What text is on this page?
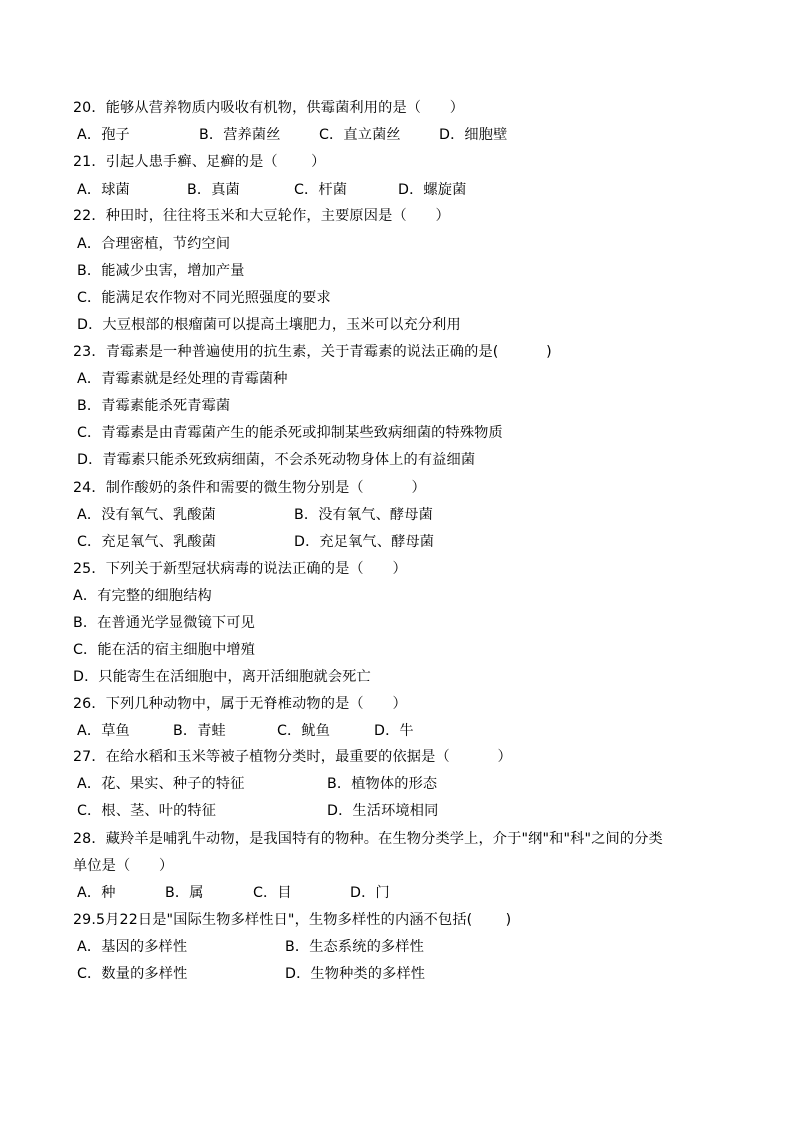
20．能够从营养物质内吸收有机物，供霉菌利用的是（　　）

A．孢子

	B．营养菌丝

	C．直立菌丝

	D．细胞壁

21．引起人患手癣、足癣的是（　　 ）

A．球菌

	B．真菌

	C．杆菌

	D．螺旋菌

22．种田时，往往将玉米和大豆轮作，主要原因是（　　）
A．合理密植，节约空间
B．能减少虫害，增加产量
C．能满足农作物对不同光照强度的要求
D．大豆根部的根瘤菌可以提高土壤肥力，玉米可以充分利用
23．青霉素是一种普遍使用的抗生素，关于青霉素的说法正确的是(　　 　)
A．青霉素就是经处理的青霉菌种
B．青霉素能杀死青霉菌
C．青霉素是由青霉菌产生的能杀死或抑制某些致病细菌的特殊物质
D．青霉素只能杀死致病细菌，不会杀死动物身体上的有益细菌
24．制作酸奶的条件和需要的微生物分别是（　　 　）

A．没有氧气、乳酸菌

	B．没有氧气、酵母菌

C．充足氧气、乳酸菌

	D．充足氧气、酵母菌

25．下列关于新型冠状病毒的说法正确的是（　　）
A．有完整的细胞结构
B．在普通光学显微镜下可见
C．能在活的宿主细胞中增殖
D．只能寄生在活细胞中，离开活细胞就会死亡
26．下列几种动物中，属于无脊椎动物的是（　　）

A．草鱼

	B．青蛙

	C．鱿鱼

	D．牛

27．在给水稻和玉米等被子植物分类时，最重要的依据是（　　 　）

A．花、果实、种子的特征

	B．植物体的形态

C．根、茎、叶的特征

	D．生活环境相同

28．藏羚羊是哺乳牛动物，是我国特有的物种。在生物分类学上，介于"纲"和"科"之间的分类
单位是（　　）

A．种

	B．属

	C．目

	D．门

29.5月22日是"国际生物多样性日"，生物多样性的内涵不包括(　　 )

A．基因的多样性

	B．生态系统的多样性

C．数量的多样性

	D．生物种类的多样性
